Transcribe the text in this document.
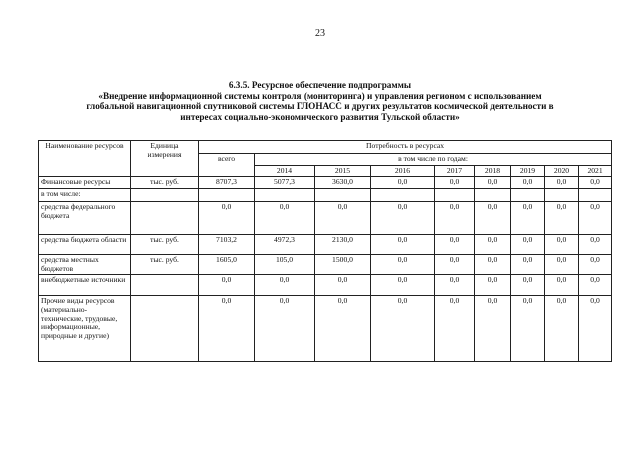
23
6.3.5. Ресурсное обеспечение подпрограммы
«Внедрение информационной системы контроля (мониторинга) и управления регионом с использованием
глобальной навигационной спутниковой системы ГЛОНАСС и других результатов космической деятельности в
интересах социально-экономического развития Тульской области»
Наименование ресурсов	Единица измерения	Потребность в ресурсах								
		всего	в том числе по годам:							
			2014	2015	2016	2017	2018	2019	2020	2021
Финансовые ресурсы	тыс. руб.	8707,3	5077,3	3630,0	0,0	0,0	0,0	0,0	0,0	0,0
в том числе:										
средства федерального бюджета		0,0	0,0	0,0	0,0	0,0	0,0	0,0	0,0	0,0
средства бюджета области	тыс. руб.	7103,2	4972,3	2130,0	0,0	0,0	0,0	0,0	0,0	0,0
средства местных бюджетов	тыс. руб.	1605,0	105,0	1500,0	0,0	0,0	0,0	0,0	0,0	0,0
внебюджетные источники		0,0	0,0	0,0	0,0	0,0	0,0	0,0	0,0	0,0
Прочие виды ресурсов (материально-технические, трудовые, информационные, природные и другие)		0,0	0,0	0,0	0,0	0,0	0,0	0,0	0,0	0,0
